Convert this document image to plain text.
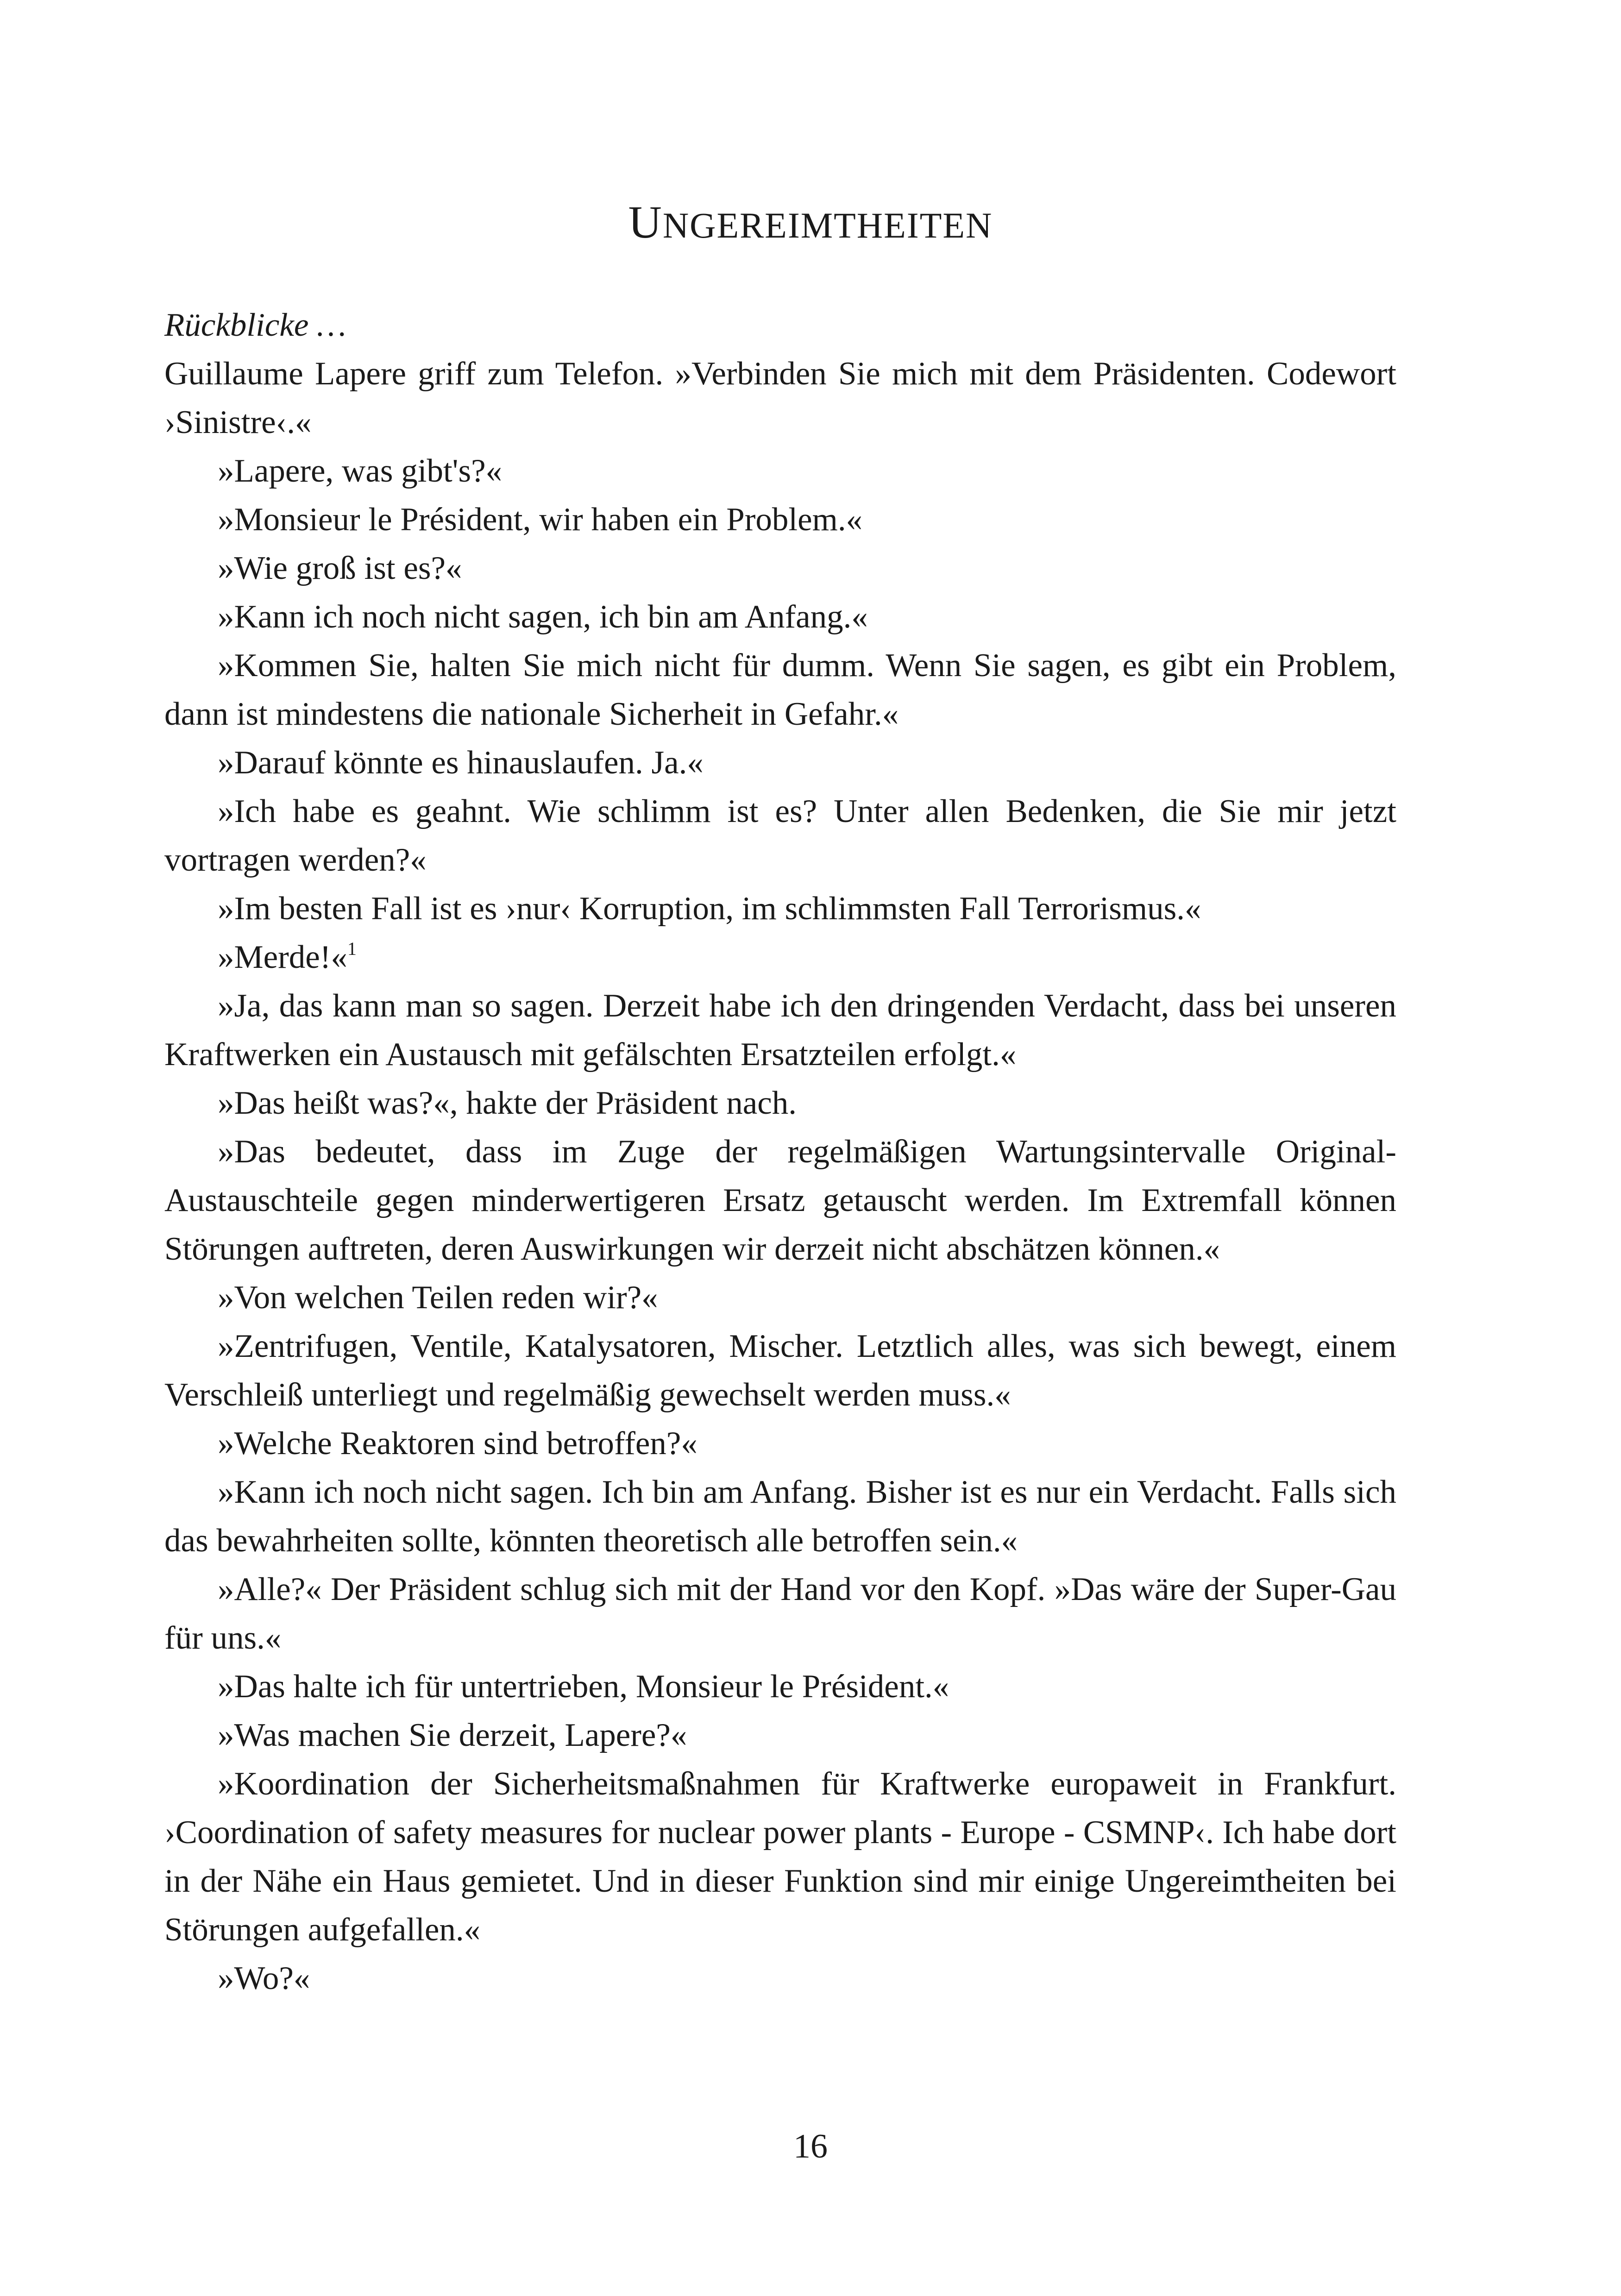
UNGEREIMTHEITEN

Rückblicke …

Guillaume Lapere griff zum Telefon. »Verbinden Sie mich mit dem Präsidenten. Codewort ›Sinistre‹.«

»Lapere, was gibt's?«

»Monsieur le Président, wir haben ein Problem.«

»Wie groß ist es?«

»Kann ich noch nicht sagen, ich bin am Anfang.«

»Kommen Sie, halten Sie mich nicht für dumm. Wenn Sie sagen, es gibt ein Problem, dann ist mindestens die nationale Sicherheit in Gefahr.«

»Darauf könnte es hinauslaufen. Ja.«

»Ich habe es geahnt. Wie schlimm ist es? Unter allen Bedenken, die Sie mir jetzt vortragen werden?«

»Im besten Fall ist es ›nur‹ Korruption, im schlimmsten Fall Terrorismus.«

»Merde!«$^1$

»Ja, das kann man so sagen. Derzeit habe ich den dringenden Verdacht, dass bei unseren Kraftwerken ein Austausch mit gefälschten Ersatzteilen erfolgt.«

»Das heißt was?«, hakte der Präsident nach.

»Das bedeutet, dass im Zuge der regelmäßigen Wartungsintervalle Original-Austauschteile gegen minderwertigeren Ersatz getauscht werden. Im Extremfall können Störungen auftreten, deren Auswirkungen wir derzeit nicht abschätzen können.«

»Von welchen Teilen reden wir?«

»Zentrifugen, Ventile, Katalysatoren, Mischer. Letztlich alles, was sich bewegt, einem Verschleiß unterliegt und regelmäßig gewechselt werden muss.«

»Welche Reaktoren sind betroffen?«

»Kann ich noch nicht sagen. Ich bin am Anfang. Bisher ist es nur ein Verdacht. Falls sich das bewahrheiten sollte, könnten theoretisch alle betroffen sein.«

»Alle?« Der Präsident schlug sich mit der Hand vor den Kopf. »Das wäre der Super-Gau für uns.«

»Das halte ich für untertrieben, Monsieur le Président.«

»Was machen Sie derzeit, Lapere?«

»Koordination der Sicherheitsmaßnahmen für Kraftwerke europaweit in Frankfurt. ›Coordination of safety measures for nuclear power plants - Europe - CSMNP‹. Ich habe dort in der Nähe ein Haus gemietet. Und in dieser Funktion sind mir einige Ungereimtheiten bei Störungen aufgefallen.«

»Wo?«

16
